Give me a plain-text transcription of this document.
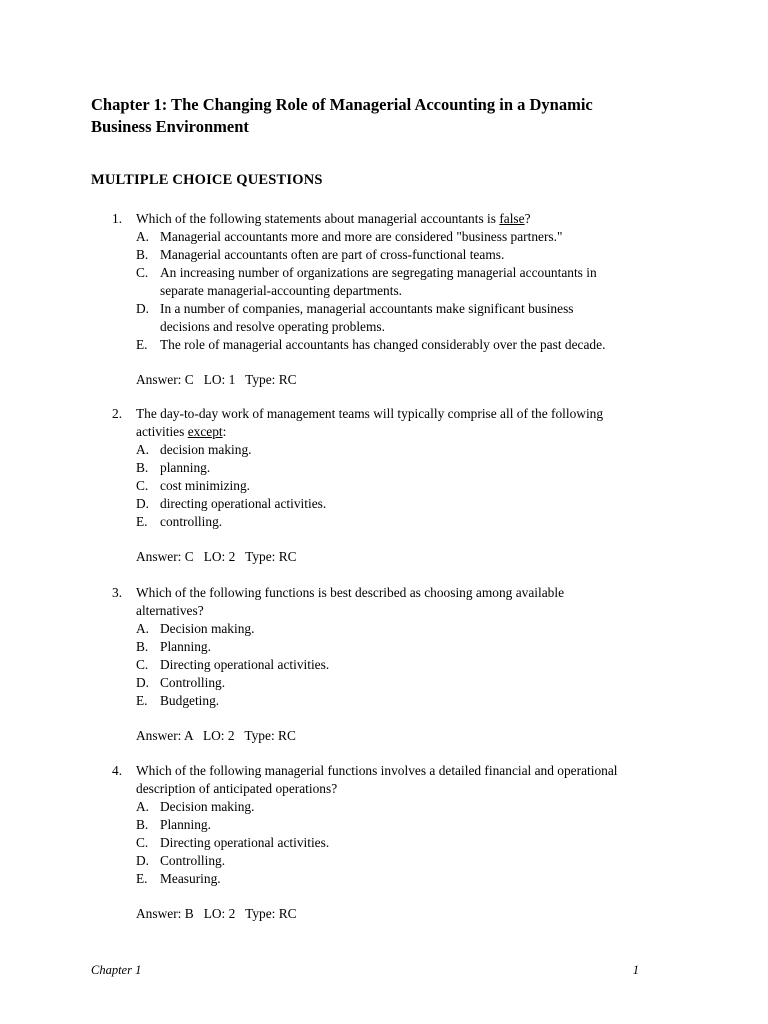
Chapter 1: The Changing Role of Managerial Accounting in a Dynamic
Business Environment
MULTIPLE CHOICE QUESTIONS
1. Which of the following statements about managerial accountants is false?
A. Managerial accountants more and more are considered "business partners."
B. Managerial accountants often are part of cross-functional teams.
C. An increasing number of organizations are segregating managerial accountants in
separate managerial-accounting departments.
D. In a number of companies, managerial accountants make significant business
decisions and resolve operating problems.
E. The role of managerial accountants has changed considerably over the past decade.
Answer: C   LO: 1   Type: RC
2. The day-to-day work of management teams will typically comprise all of the following
activities except:
A. decision making.
B. planning.
C. cost minimizing.
D. directing operational activities.
E. controlling.
Answer: C   LO: 2   Type: RC
3. Which of the following functions is best described as choosing among available
alternatives?
A. Decision making.
B. Planning.
C. Directing operational activities.
D. Controlling.
E. Budgeting.
Answer: A   LO: 2   Type: RC
4. Which of the following managerial functions involves a detailed financial and operational
description of anticipated operations?
A. Decision making.
B. Planning.
C. Directing operational activities.
D. Controlling.
E. Measuring.
Answer: B   LO: 2   Type: RC
Chapter 1	1
